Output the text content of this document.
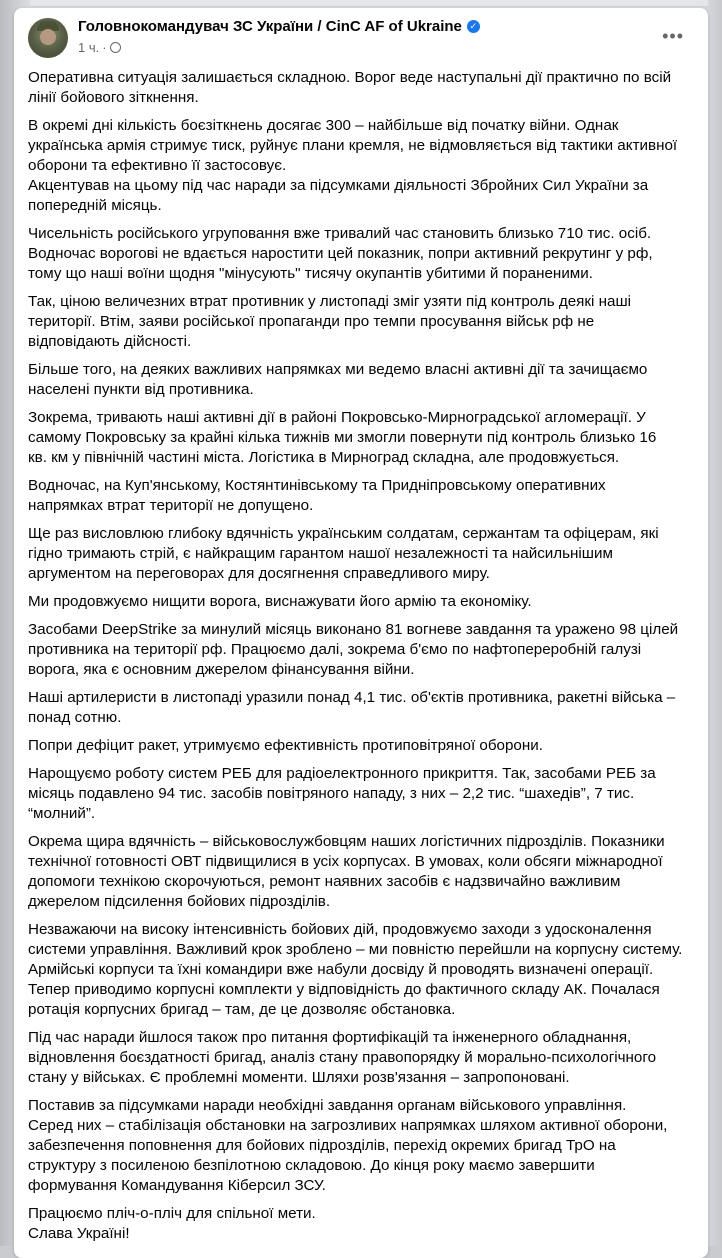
Головнокомандувач ЗС України / CinC AF of Ukraine ✓
1 ч. ·
•••
Оперативна ситуація залишається складною. Ворог веде наступальні дії практично по всій
лінії бойового зіткнення.
В окремі дні кількість боєзіткнень досягає 300 – найбільше від початку війни. Однак
українська армія стримує тиск, руйнує плани кремля, не відмовляється від тактики активної
оборони та ефективно її застосовує.
Акцентував на цьому під час наради за підсумками діяльності Збройних Сил України за
попередній місяць.
Чисельність російського угруповання вже тривалий час становить близько 710 тис. осіб.
Водночас ворогові не вдається наростити цей показник, попри активний рекрутинг у рф,
тому що наші воїни щодня "мінусують" тисячу окупантів убитими й пораненими.
Так, ціною величезних втрат противник у листопаді зміг узяти під контроль деякі наші
території. Втім, заяви російської пропаганди про темпи просування військ рф не
відповідають дійсності.
Більше того, на деяких важливих напрямках ми ведемо власні активні дії та зачищаємо
населені пункти від противника.
Зокрема, тривають наші активні дії в районі Покровсько-Мирноградської агломерації. У
самому Покровську за крайні кілька тижнів ми змогли повернути під контроль близько 16
кв. км у північній частині міста. Логістика в Мирноград складна, але продовжується.
Водночас, на Куп'янському, Костянтинівському та Придніпровському оперативних
напрямках втрат території не допущено.
Ще раз висловлюю глибоку вдячність українським солдатам, сержантам та офіцерам, які
гідно тримають стрій, є найкращим гарантом нашої незалежності та найсильнішим
аргументом на переговорах для досягнення справедливого миру.
Ми продовжуємо нищити ворога, виснажувати його армію та економіку.
Засобами DeepStrike за минулий місяць виконано 81 вогневе завдання та уражено 98 цілей
противника на території рф. Працюємо далі, зокрема б'ємо по нафтопереробній галузі
ворога, яка є основним джерелом фінансування війни.
Наші артилеристи в листопаді уразили понад 4,1 тис. об'єктів противника, ракетні війська –
понад сотню.
Попри дефіцит ракет, утримуємо ефективність протиповітряної оборони.
Нарощуємо роботу систем РЕБ для радіоелектронного прикриття. Так, засобами РЕБ за
місяць подавлено 94 тис. засобів повітряного нападу, з них – 2,2 тис. “шахедів”, 7 тис.
“молний”.
Окрема щира вдячність – військовослужбовцям наших логістичних підрозділів. Показники
технічної готовності ОВТ підвищилися в усіх корпусах. В умовах, коли обсяги міжнародної
допомоги технікою скорочуються, ремонт наявних засобів є надзвичайно важливим
джерелом підсилення бойових підрозділів.
Незважаючи на високу інтенсивність бойових дій, продовжуємо заходи з удосконалення
системи управління. Важливий крок зроблено – ми повністю перейшли на корпусну систему.
Армійські корпуси та їхні командири вже набули досвіду й проводять визначені операції.
Тепер приводимо корпусні комплекти у відповідність до фактичного складу АК. Почалася
ротація корпусних бригад – там, де це дозволяє обстановка.
Під час наради йшлося також про питання фортифікацій та інженерного обладнання,
відновлення боєздатності бригад, аналіз стану правопорядку й морально-психологічного
стану у військах. Є проблемні моменти. Шляхи розв'язання – запропоновані.
Поставив за підсумками наради необхідні завдання органам військового управління.
Серед них – стабілізація обстановки на загрозливих напрямках шляхом активної оборони,
забезпечення поповнення для бойових підрозділів, перехід окремих бригад ТрО на
структуру з посиленою безпілотною складовою. До кінця року маємо завершити
формування Командування Кіберсил ЗСУ.
Працюємо пліч-о-пліч для спільної мети.
Слава Україні!
